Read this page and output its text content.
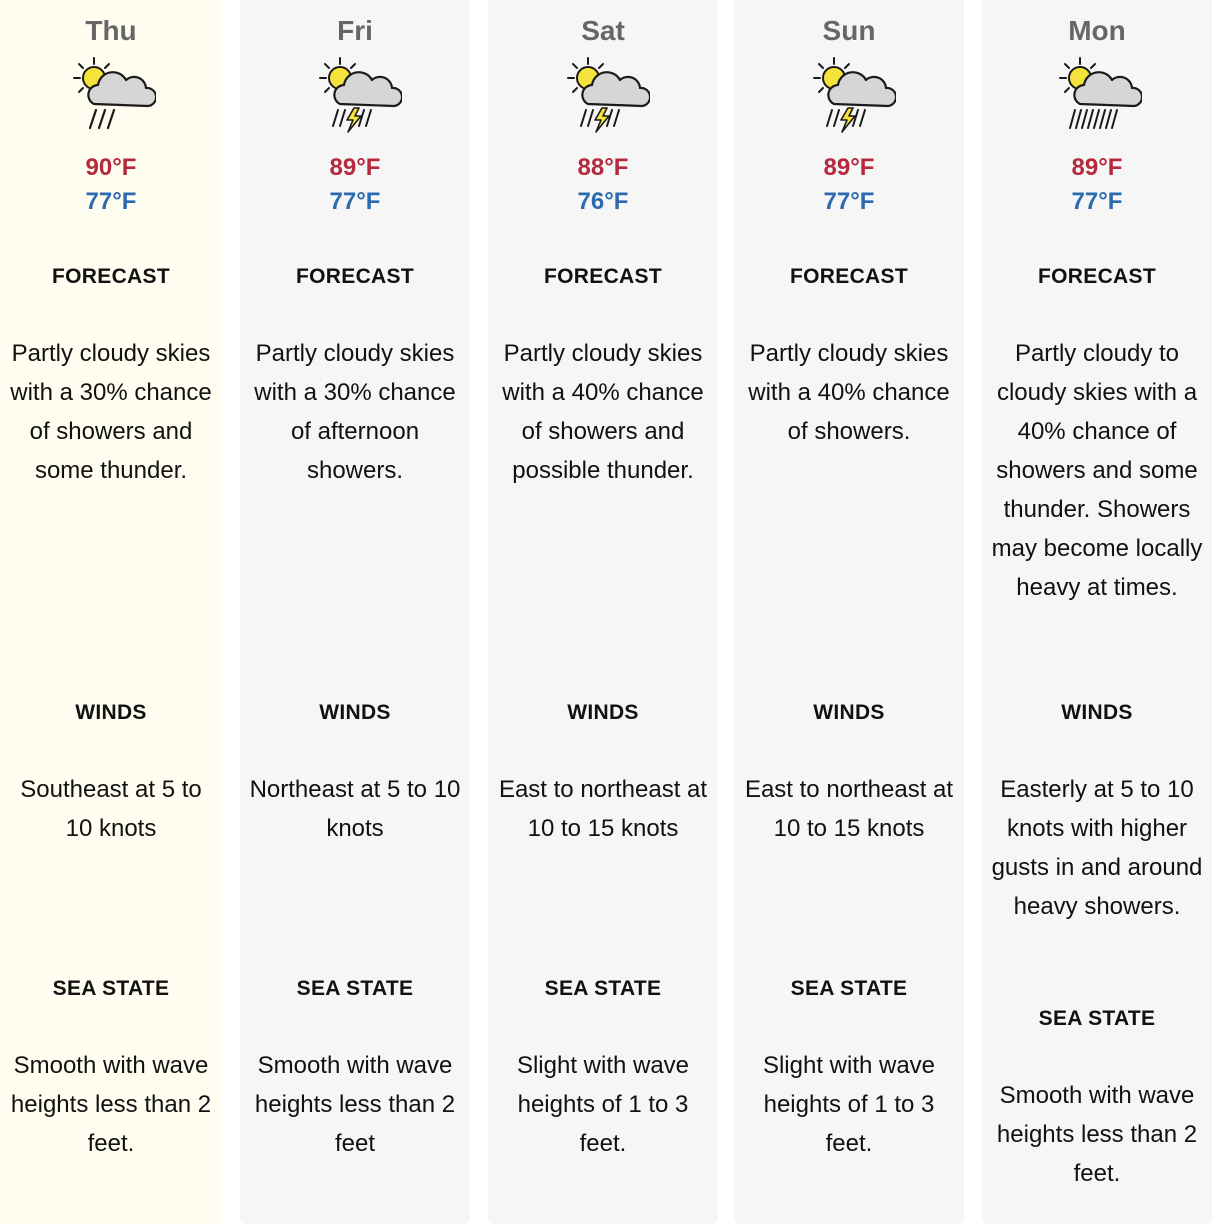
Thu
90°F
77°F
FORECAST
Partly cloudy skies with a 30% chance of showers and some thunder.
WINDS
Southeast at 5 to 10 knots
SEA STATE
Smooth with wave heights less than 2 feet.
Fri
89°F
77°F
FORECAST
Partly cloudy skies with a 30% chance of afternoon showers.
WINDS
Northeast at 5 to 10 knots
SEA STATE
Smooth with wave heights less than 2 feet
Sat
88°F
76°F
FORECAST
Partly cloudy skies with a 40% chance of showers and possible thunder.
WINDS
East to northeast at 10 to 15 knots
SEA STATE
Slight with wave heights of 1 to 3 feet.
Sun
89°F
77°F
FORECAST
Partly cloudy skies with a 40% chance of showers.
WINDS
East to northeast at 10 to 15 knots
SEA STATE
Slight with wave heights of 1 to 3 feet.
Mon
89°F
77°F
FORECAST
Partly cloudy to cloudy skies with a 40% chance of showers and some thunder. Showers may become locally heavy at times.
WINDS
Easterly at 5 to 10 knots with higher gusts in and around heavy showers.
SEA STATE
Smooth with wave heights less than 2 feet.
